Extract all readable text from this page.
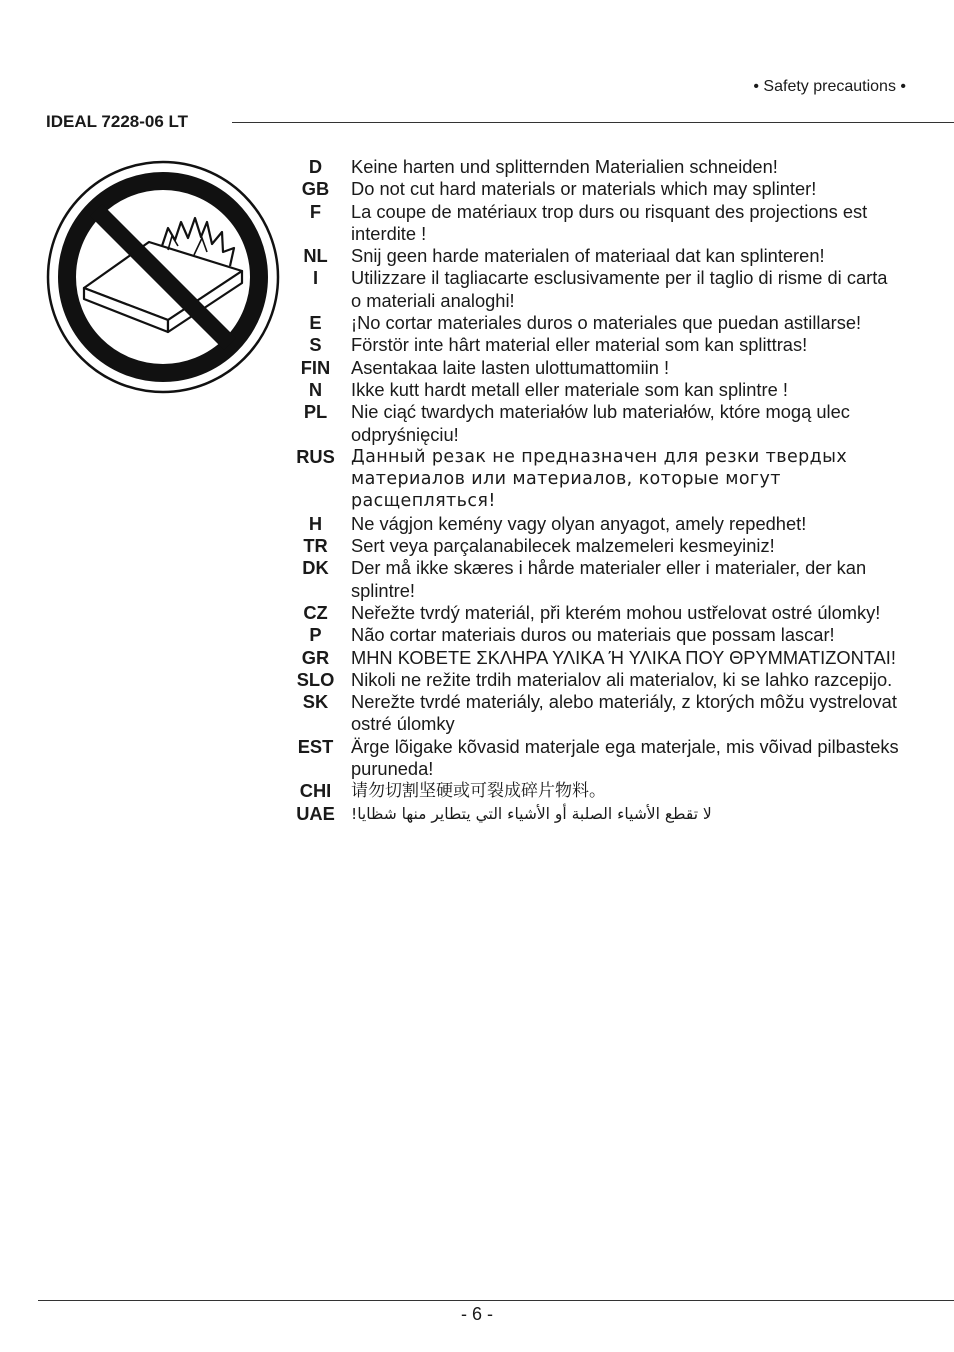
• Safety precautions •
IDEAL 7228-06 LT
D	Keine harten und splitternden Materialien schneiden!
GB	Do not cut hard materials or materials which may splinter!
F	La coupe de matériaux trop durs ou risquant des projections est interdite !
NL	Snij geen harde materialen of materiaal dat kan splinteren!
I	Utilizzare il tagliacarte esclusivamente per il taglio di risme di carta o materiali analoghi!
E	¡No cortar materiales duros o materiales que puedan astillarse!
S	Förstör inte hârt material eller material som kan splittras!
FIN	Asentakaa laite lasten ulottumattomiin !
N	Ikke kutt hardt metall eller materiale som kan splintre !
PL	Nie ciąć twardych materiałów lub materiałów, które mogą ulec odpryśnięciu!
RUS Данный резак не предназначен для резки твердых материалов или материалов, которые могут расщепляться!
H	Ne vágjon kemény vagy olyan anyagot, amely repedhet!
TR	Sert veya parçalanabilecek malzemeleri kesmeyiniz!
DK	Der må ikke skæres i hårde materialer eller i materialer, der kan splintre!
CZ	Neřežte tvrdý materiál, při kterém mohou ustřelovat ostré úlomky!
P	Não cortar materiais duros ou materiais que possam lascar!
GR	ΜΗΝ ΚΟΒΕΤΕ ΣΚΛΗΡΑ ΥΛΙΚΑ Ή ΥΛΙΚΑ ΠΟΥ ΘΡΥΜΜΑΤΙΖΟΝΤΑΙ!
SLO Nikoli ne režite trdih materialov ali materialov, ki se lahko razcepijo.
SK	Nerežte tvrdé materiály, alebo materiály, z ktorých môžu vystrelovat ostré úlomky
EST Ärge lõigake kõvasid materjale ega materjale, mis võivad pilbasteks puruneda!
CHI	请勿切割坚硬或可裂成碎片物料。
UAE	لا تقطع الأشياء الصلبة أو الأشياء التي يتطاير منها شظايا!
- 6 -
